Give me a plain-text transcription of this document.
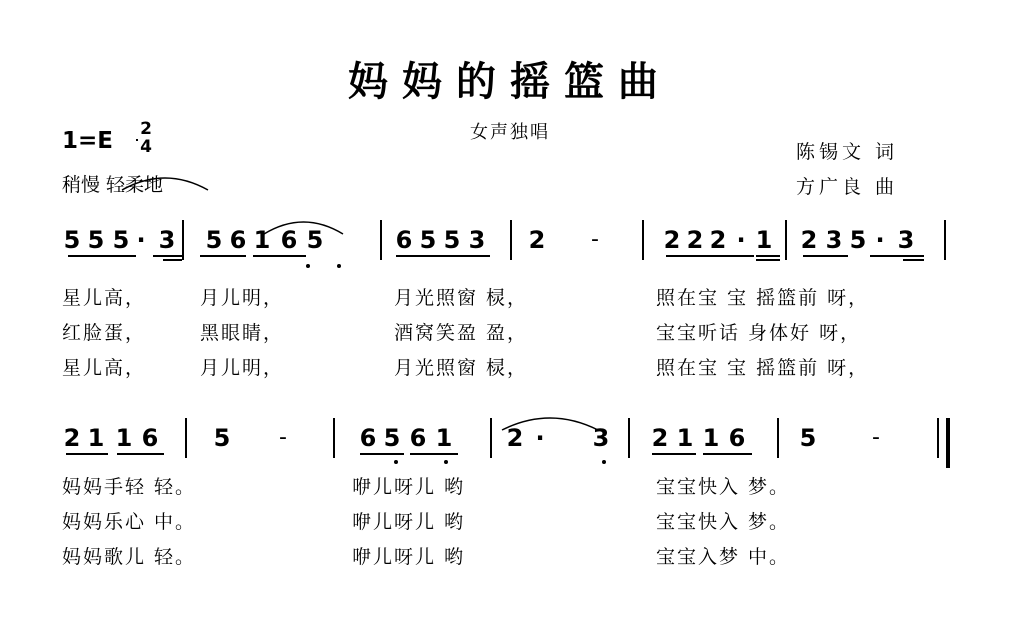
妈妈的摇篮曲
女声独唱
1=E 2
4
稍慢 轻柔地
陈锡文 词
方广良 曲
5 5 5 · 3 5 6 1 6 5	6 5 5 3 2 -	2 2 2 · 1 2 3 5 · 3
2 1 1 6 5 -	6 5 6 1 2 · 3 2 1 1 6 5	-
星儿高，	月儿明，	月光照窗 棂，	照在宝 宝 摇篮前 呀，
红脸蛋，	黑眼睛，	酒窝笑盈 盈，	宝宝听话 身体好 呀，
星儿高，	月儿明，	月光照窗 棂，	照在宝 宝 摇篮前 呀，
妈妈手轻 轻。	咿儿呀儿 哟	宝宝快入 梦。
妈妈乐心 中。	咿儿呀儿 哟	宝宝快入 梦。
妈妈歌儿 轻。	咿儿呀儿 哟	宝宝入梦 中。
